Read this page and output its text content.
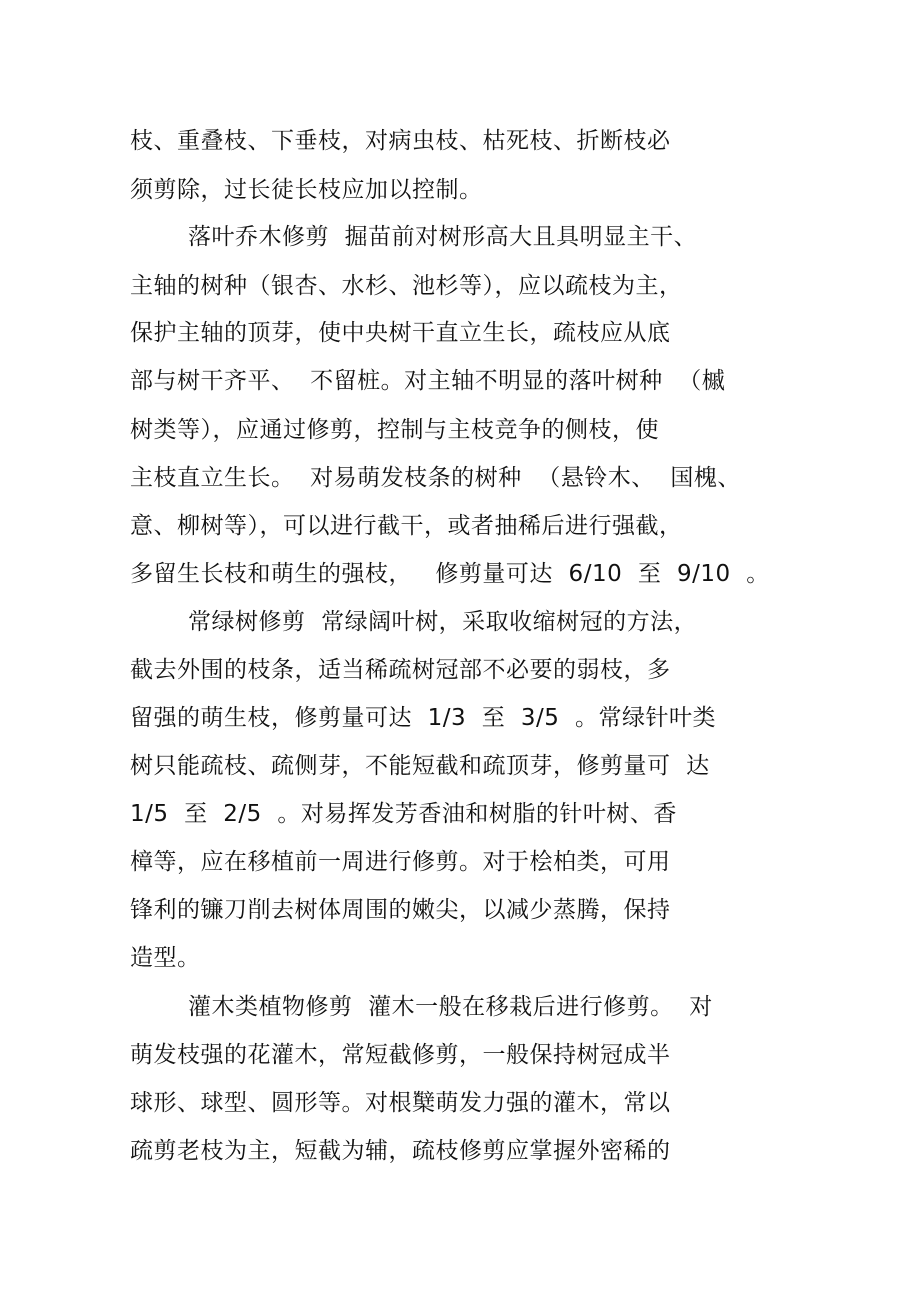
枝、重叠枝、下垂枝，对病虫枝、枯死枝、折断枝必
须剪除，过长徒长枝应加以控制。
落叶乔木修剪  掘苗前对树形高大且具明显主干、
主轴的树种（银杏、水杉、池杉等），应以疏枝为主，
保护主轴的顶芽，使中央树干直立生长，疏枝应从底
部与树干齐平、  不留桩。对主轴不明显的落叶树种  （槭
树类等），应通过修剪，控制与主枝竞争的侧枝，使
主枝直立生长。  对易萌发枝条的树种  （悬铃木、  国槐、
意、柳树等），可以进行截干，或者抽稀后进行强截，
多留生长枝和萌生的强枝，   修剪量可达  6/10  至  9/10  。
常绿树修剪  常绿阔叶树，采取收缩树冠的方法，
截去外围的枝条，适当稀疏树冠部不必要的弱枝，多
留强的萌生枝，修剪量可达  1/3  至  3/5  。常绿针叶类
树只能疏枝、疏侧芽，不能短截和疏顶芽，修剪量可  达
1/5  至  2/5  。对易挥发芳香油和树脂的针叶树、香
樟等，应在移植前一周进行修剪。对于桧柏类，可用
锋利的镰刀削去树体周围的嫩尖，以减少蒸腾，保持
造型。
灌木类植物修剪  灌木一般在移栽后进行修剪。  对
萌发枝强的花灌木，常短截修剪，一般保持树冠成半
球形、球型、圆形等。对根櫱萌发力强的灌木，常以
疏剪老枝为主，短截为辅，疏枝修剪应掌握外密稀的
